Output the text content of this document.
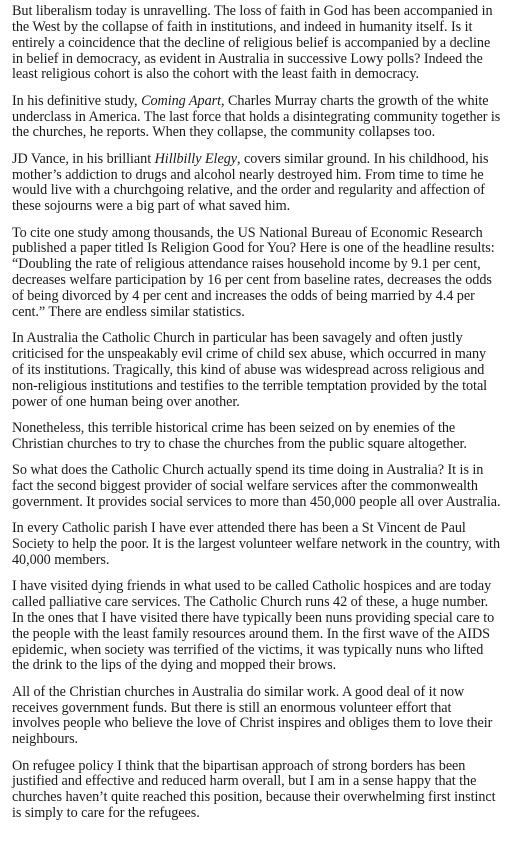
But liberalism today is unravelling. The loss of faith in God has been accompanied in the West by the collapse of faith in institutions, and indeed in humanity itself. Is it entirely a coincidence that the decline of religious belief is accompanied by a decline in belief in democracy, as evident in Australia in successive Lowy polls? Indeed the least religious cohort is also the cohort with the least faith in democracy.

In his definitive study, Coming Apart, Charles Murray charts the growth of the white underclass in America. The last force that holds a disintegrating community together is the churches, he reports. When they collapse, the community collapses too.

JD Vance, in his brilliant Hillbilly Elegy, covers similar ground. In his childhood, his mother’s addiction to drugs and alcohol nearly destroyed him. From time to time he would live with a churchgoing relative, and the order and regularity and affection of these sojourns were a big part of what saved him.

To cite one study among thousands, the US National Bureau of Economic Research published a paper titled Is Religion Good for You? Here is one of the headline results: “Doubling the rate of religious attendance raises household income by 9.1 per cent, decreases welfare participation by 16 per cent from baseline rates, decreases the odds of being divorced by 4 per cent and increases the odds of being married by 4.4 per cent.” There are endless similar statistics.

In Australia the Catholic Church in particular has been savagely and often justly criticised for the unspeakably evil crime of child sex abuse, which occurred in many of its institutions. Tragically, this kind of abuse was widespread across religious and non-religious institutions and testifies to the terrible temptation provided by the total power of one human being over another.

Nonetheless, this terrible historical crime has been seized on by enemies of the Christian churches to try to chase the churches from the public square altogether.

So what does the Catholic Church actually spend its time doing in Australia? It is in fact the second biggest provider of social welfare services after the commonwealth government. It provides social services to more than 450,000 people all over Australia.

In every Catholic parish I have ever attended there has been a St Vincent de Paul Society to help the poor. It is the largest volunteer welfare network in the country, with 40,000 members.

I have visited dying friends in what used to be called Catholic hospices and are today called palliative care services. The Catholic Church runs 42 of these, a huge number. In the ones that I have visited there have typically been nuns providing special care to the people with the least family resources around them. In the first wave of the AIDS epidemic, when society was terrified of the victims, it was typically nuns who lifted the drink to the lips of the dying and mopped their brows.

All of the Christian churches in Australia do similar work. A good deal of it now receives government funds. But there is still an enormous volunteer effort that involves people who believe the love of Christ inspires and obliges them to love their neighbours.

On refugee policy I think that the bipartisan approach of strong borders has been justified and effective and reduced harm overall, but I am in a sense happy that the churches haven’t quite reached this position, because their overwhelming first instinct is simply to care for the refugees.
